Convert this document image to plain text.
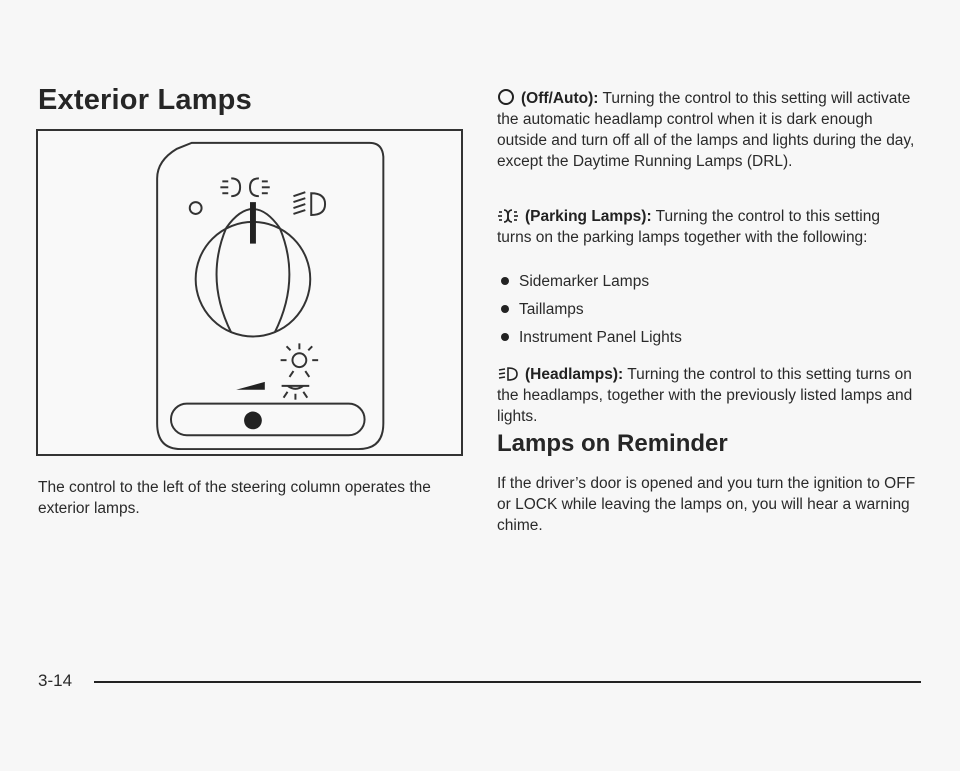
Exterior Lamps

The control to the left of the steering column operates the exterior lamps.

(Off/Auto): Turning the control to this setting will activate the automatic headlamp control when it is dark enough outside and turn off all of the lamps and lights during the day, except the Daytime Running Lamps (DRL).

(Parking Lamps): Turning the control to this setting turns on the parking lamps together with the following:

Sidemarker Lamps
Taillamps
Instrument Panel Lights

(Headlamps): Turning the control to this setting turns on the headlamps, together with the previously listed lamps and lights.

Lamps on Reminder

If the driver’s door is opened and you turn the ignition to OFF or LOCK while leaving the lamps on, you will hear a warning chime.

3-14
